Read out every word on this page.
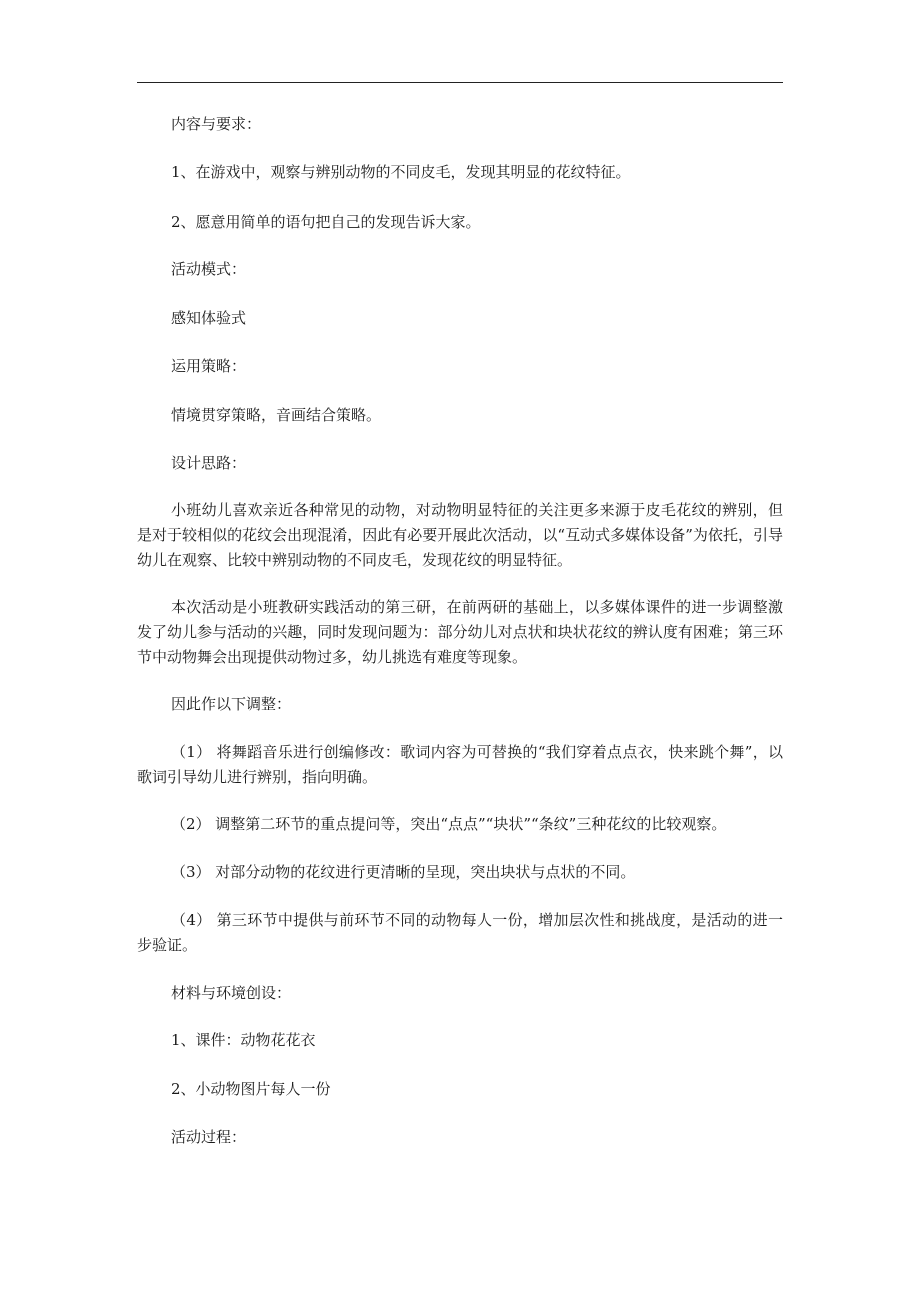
内容与要求：

1、在游戏中，观察与辨别动物的不同皮毛，发现其明显的花纹特征。

2、愿意用简单的语句把自己的发现告诉大家。

活动模式：

感知体验式

运用策略：

情境贯穿策略，音画结合策略。

设计思路：

小班幼儿喜欢亲近各种常见的动物，对动物明显特征的关注更多来源于皮毛花纹的辨别，但是对于较相似的花纹会出现混淆，因此有必要开展此次活动，以“互动式多媒体设备”为依托，引导幼儿在观察、比较中辨别动物的不同皮毛，发现花纹的明显特征。

本次活动是小班教研实践活动的第三研，在前两研的基础上，以多媒体课件的进一步调整激发了幼儿参与活动的兴趣，同时发现问题为：部分幼儿对点状和块状花纹的辨认度有困难；第三环节中动物舞会出现提供动物过多，幼儿挑选有难度等现象。

因此作以下调整：

（1） 将舞蹈音乐进行创编修改：歌词内容为可替换的“我们穿着点点衣，快来跳个舞”，以歌词引导幼儿进行辨别，指向明确。

（2） 调整第二环节的重点提问等，突出“点点”“块状”“条纹”三种花纹的比较观察。

（3） 对部分动物的花纹进行更清晰的呈现，突出块状与点状的不同。

（4） 第三环节中提供与前环节不同的动物每人一份，增加层次性和挑战度，是活动的进一步验证。

材料与环境创设：

1、课件：动物花花衣

2、小动物图片每人一份

活动过程：
